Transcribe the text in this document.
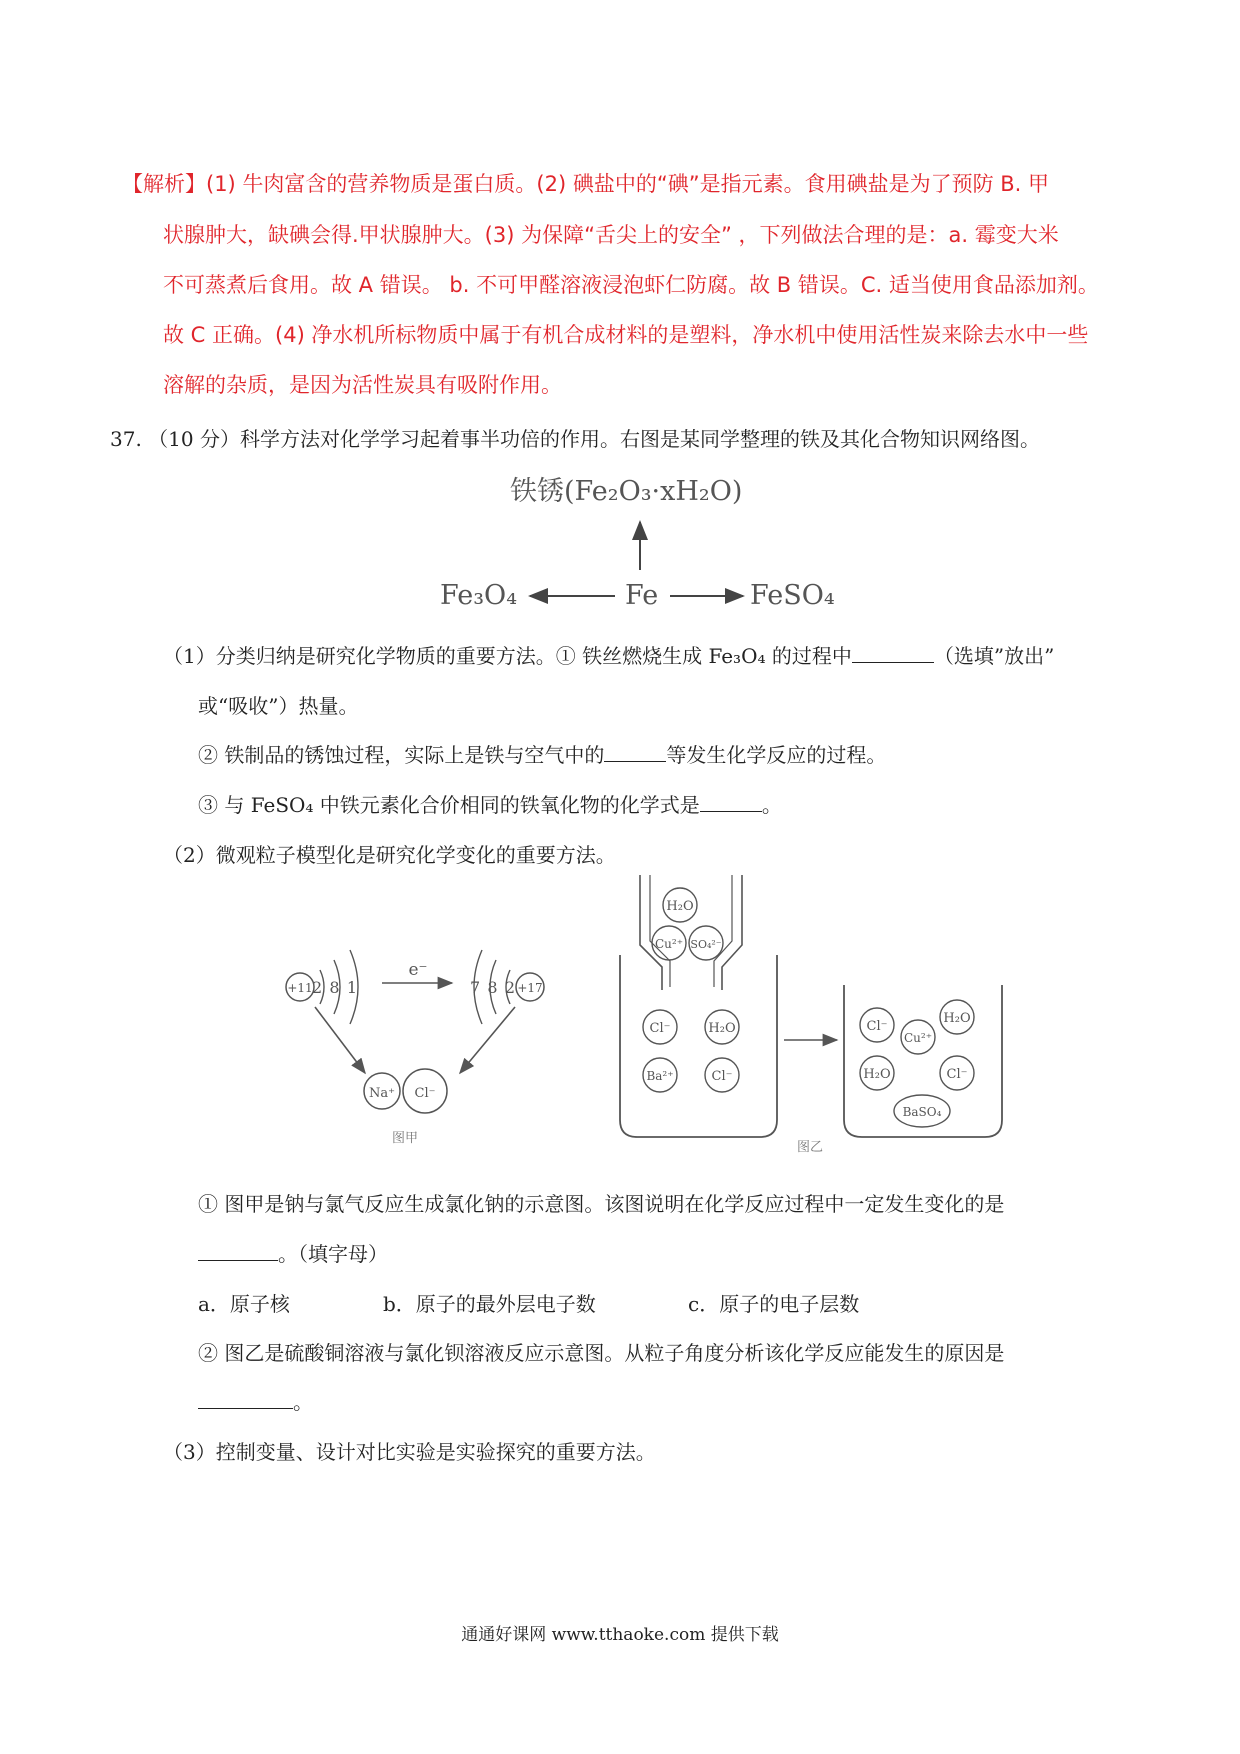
【解析】(1) 牛肉富含的营养物质是蛋白质。(2) 碘盐中的“碘”是指元素。食用碘盐是为了预防 B. 甲
状腺肿大，缺碘会得.甲状腺肿大。(3) 为保障“舌尖上的安全” ，下列做法合理的是：a. 霉变大米
不可蒸煮后食用。故 A 错误。 b. 不可甲醛溶液浸泡虾仁防腐。故 B 错误。C. 适当使用食品添加剂。
故 C 正确。(4) 净水机所标物质中属于有机合成材料的是塑料，净水机中使用活性炭来除去水中一些
溶解的杂质，是因为活性炭具有吸附作用。
37. （10 分）科学方法对化学学习起着事半功倍的作用。右图是某同学整理的铁及其化合物知识网络图。
铁锈(Fe₂O₃·xH₂O)
Fe
Fe₃O₄	FeSO₄
（1）分类归纳是研究化学物质的重要方法。① 铁丝燃烧生成 Fe₃O₄ 的过程中	（选填”放出”
或“吸收”）热量。
② 铁制品的锈蚀过程，实际上是铁与空气中的	等发生化学反应的过程。
③ 与 FeSO₄ 中铁元素化合价相同的铁氧化物的化学式是	。
（2）微观粒子模型化是研究化学变化的重要方法。
+11 2 8 1
e⁻
7 8 2 +17
Na⁺ Cl⁻
图甲
H₂O
Cu²⁺ SO₄²⁻
Cl⁻	H₂O
Ba²⁺	Cl⁻
Cl⁻
Cu²⁺
H₂O
H₂O	Cl⁻
BaSO₄
图乙
① 图甲是钠与氯气反应生成氯化钠的示意图。该图说明在化学反应过程中一定发生变化的是
。（填字母）
a．原子核	b．原子的最外层电子数	c．原子的电子层数
② 图乙是硫酸铜溶液与氯化钡溶液反应示意图。从粒子角度分析该化学反应能发生的原因是
。
（3）控制变量、设计对比实验是实验探究的重要方法。
通通好课网 www.tthaoke.com 提供下载
